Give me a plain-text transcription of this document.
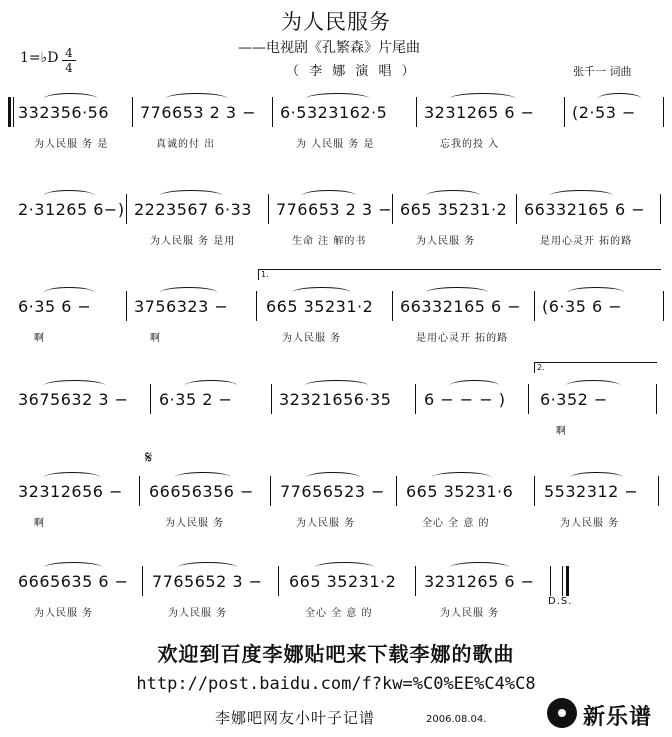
为人民服务
——电视剧《孔繁森》片尾曲
（ 李 娜 演 唱 ）
1=♭D 4
4	张千一 词曲
332356·56
为人民服 务 是
776653 2 3 −
真诚的付 出
6·5323162·5
为 人民服 务 是
3231265 6 −
忘我的投 入
(2·53 −
2·31265 6−) 2223567 6·33
为人民服 务 是用
776653 2 3 −
生命 注 解的书
665 35231·2
为人民服 务
66332165 6 −
是用心灵开 拓的路
6·35 6 −
啊
3756323 −
啊
665 35231·2
为人民服 务
66332165 6 −
是用心灵开 拓的路
(6·35 6 −
1.
3675632 3 − 6·35 2 −	32321656·35 6 − − − ) 6·352 −
啊
2.
32312656 −
啊
66656356 −
为人民服 务
77656523 −
为人民服 务
665 35231·6
全心 全 意 的
5532312 −
为人民服 务
6665635 6 −
为人民服 务
7765652 3 −
为人民服 务
665 35231·2
全心 全 意 的
3231265 6 −
为人民服 务
𝄋
D.S.
欢迎到百度李娜贴吧来下载李娜的歌曲
http://post.baidu.com/f?kw=%C0%EE%C4%C8
李娜吧网友小叶子记谱	2006.08.04.	新乐谱
